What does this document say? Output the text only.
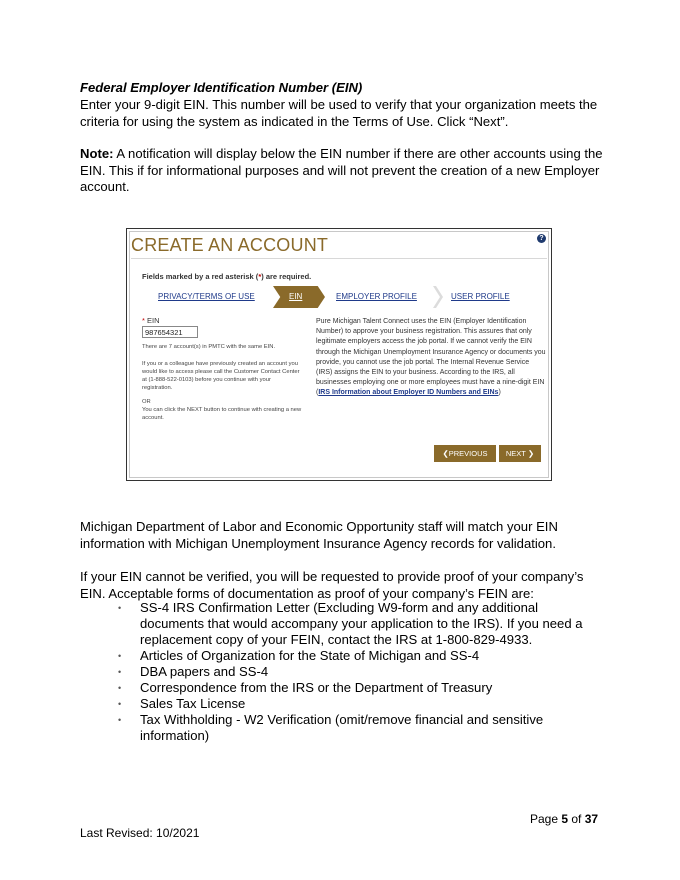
Federal Employer Identification Number (EIN)

Enter your 9-digit EIN. This number will be used to verify that your organization meets the criteria for using the system as indicated in the Terms of Use. Click “Next”.

Note: A notification will display below the EIN number if there are other accounts using the EIN. This if for informational purposes and will not prevent the creation of a new Employer account.

CREATE AN ACCOUNT	?
Fields marked by a red asterisk (*) are required.
PRIVACY/TERMS OF USE	EIN	EMPLOYER PROFILE	USER PROFILE
* EIN
987654321

There are 7 account(s) in PMTC with the same EIN.

If you or a colleague have previously created an account you would like to access please call the Customer Contact Center at (1-888-522-0103) before you continue with your registration.

OR

You can click the NEXT button to continue with creating a new account.

Pure Michigan Talent Connect uses the EIN (Employer Identification Number) to approve your business registration. This assures that only legitimate employers access the job portal. If we cannot verify the EIN through the Michigan Unemployment Insurance Agency or documents you provide, you cannot use the job portal. The Internal Revenue Service (IRS) assigns the EIN to your business. According to the IRS, all businesses employing one or more employees must have a nine-digit EIN (IRS Information about Employer ID Numbers and EINs)

❮PREVIOUS	NEXT ❯

Michigan Department of Labor and Economic Opportunity staff will match your EIN information with Michigan Unemployment Insurance Agency records for validation.

If your EIN cannot be verified, you will be requested to provide proof of your company’s EIN. Acceptable forms of documentation as proof of your company’s FEIN are:

• SS-4 IRS Confirmation Letter (Excluding W9-form and any additional documents that would accompany your application to the IRS). If you need a replacement copy of your FEIN, contact the IRS at 1-800-829-4933.
• Articles of Organization for the State of Michigan and SS-4
• DBA papers and SS-4
• Correspondence from the IRS or the Department of Treasury
• Sales Tax License
• Tax Withholding - W2 Verification (omit/remove financial and sensitive information)
Page 5 of 37
Last Revised: 10/2021
